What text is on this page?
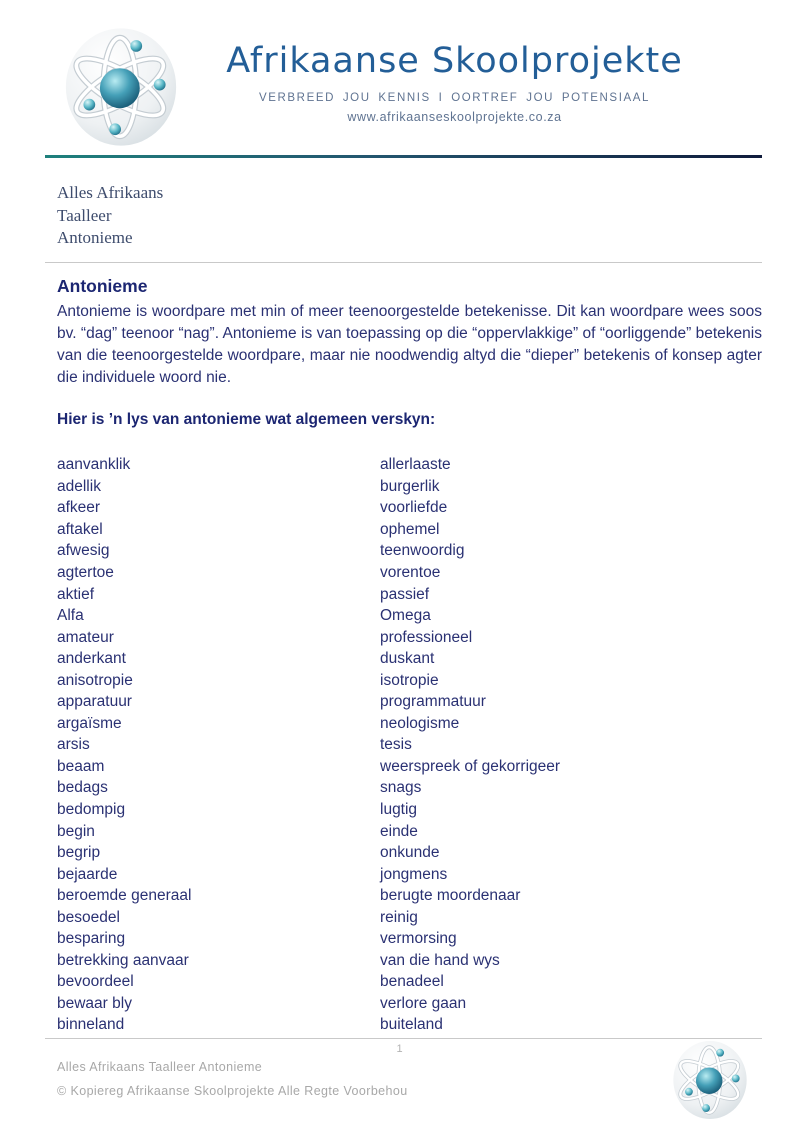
Afrikaanse Skoolprojekte
VERBREED JOU KENNIS I OORTREF JOU POTENSIAAL
www.afrikaanseskoolprojekte.co.za
Alles Afrikaans
Taalleer
Antonieme
Antonieme

Antonieme is woordpare met min of meer teenoorgestelde betekenisse. Dit kan woordpare wees soos bv. “dag” teenoor “nag”. Antonieme is van toepassing op die “oppervlakkige” of “oorliggende” betekenis van die teenoorgestelde woordpare, maar nie noodwendig altyd die “dieper” betekenis of konsep agter die individuele woord nie.

Hier is ’n lys van antonieme wat algemeen verskyn:
aanvanklik	allerlaaste
adellik	burgerlik
afkeer	voorliefde
aftakel	ophemel
afwesig	teenwoordig
agtertoe	vorentoe
aktief	passief
Alfa	Omega
amateur	professioneel
anderkant	duskant
anisotropie	isotropie
apparatuur	programmatuur
argaïsme	neologisme
arsis	tesis
beaam	weerspreek of gekorrigeer
bedags	snags
bedompig	lugtig
begin	einde
begrip	onkunde
bejaarde	jongmens
beroemde generaal	berugte moordenaar
besoedel	reinig
besparing	vermorsing
betrekking aanvaar	van die hand wys
bevoordeel	benadeel
bewaar bly	verlore gaan
binneland	buiteland
1
Alles Afrikaans Taalleer Antonieme
© Kopiereg Afrikaanse Skoolprojekte Alle Regte Voorbehou
